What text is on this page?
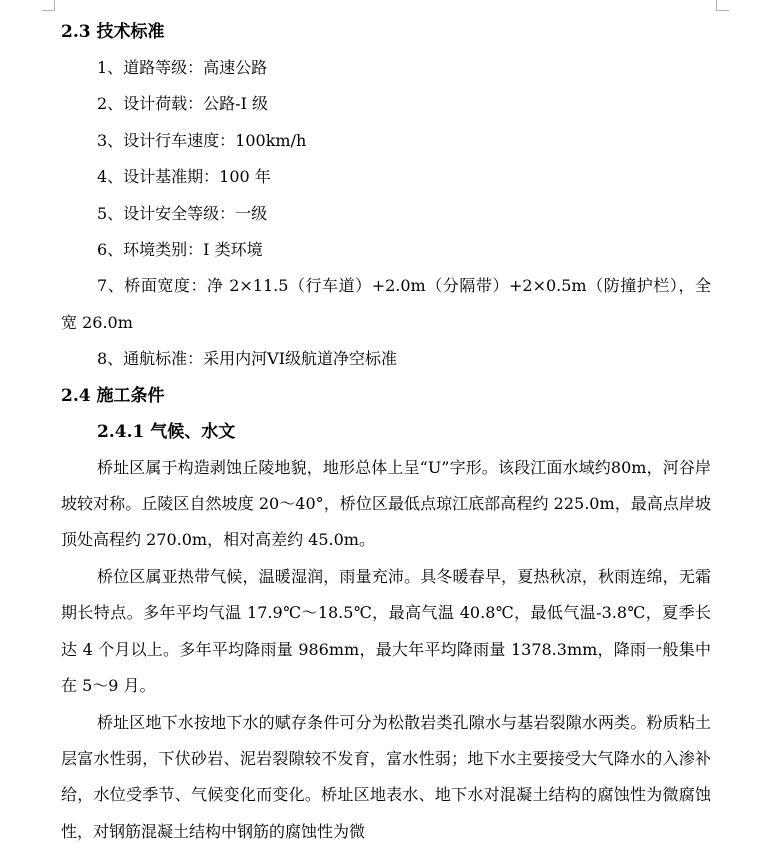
2.3 技术标准
1、道路等级：高速公路
2、设计荷载：公路-I 级
3、设计行车速度：100km/h
4、设计基准期：100 年
5、设计安全等级：一级
6、环境类别：I 类环境
7、桥面宽度：净 2×11.5（行车道）+2.0m（分隔带）+2×0.5m（防撞护栏），全宽 26.0m
8、通航标准：采用内河VI级航道净空标准
2.4 施工条件
2.4.1 气候、水文
桥址区属于构造剥蚀丘陵地貌，地形总体上呈“U”字形。该段江面水域约80m，河谷岸坡较对称。丘陵区自然坡度 20～40°，桥位区最低点琼江底部高程约 225.0m，最高点岸坡顶处高程约 270.0m，相对高差约 45.0m。
桥位区属亚热带气候，温暖湿润，雨量充沛。具冬暖春早，夏热秋凉，秋雨连绵，无霜期长特点。多年平均气温 17.9℃～18.5℃，最高气温 40.8℃，最低气温-3.8℃，夏季长达 4 个月以上。多年平均降雨量 986mm，最大年平均降雨量 1378.3mm，降雨一般集中在 5～9 月。
桥址区地下水按地下水的赋存条件可分为松散岩类孔隙水与基岩裂隙水两类。粉质粘土层富水性弱，下伏砂岩、泥岩裂隙较不发育，富水性弱；地下水主要接受大气降水的入渗补给，水位受季节、气候变化而变化。桥址区地表水、地下水对混凝土结构的腐蚀性为微腐蚀性，对钢筋混凝土结构中钢筋的腐蚀性为微
